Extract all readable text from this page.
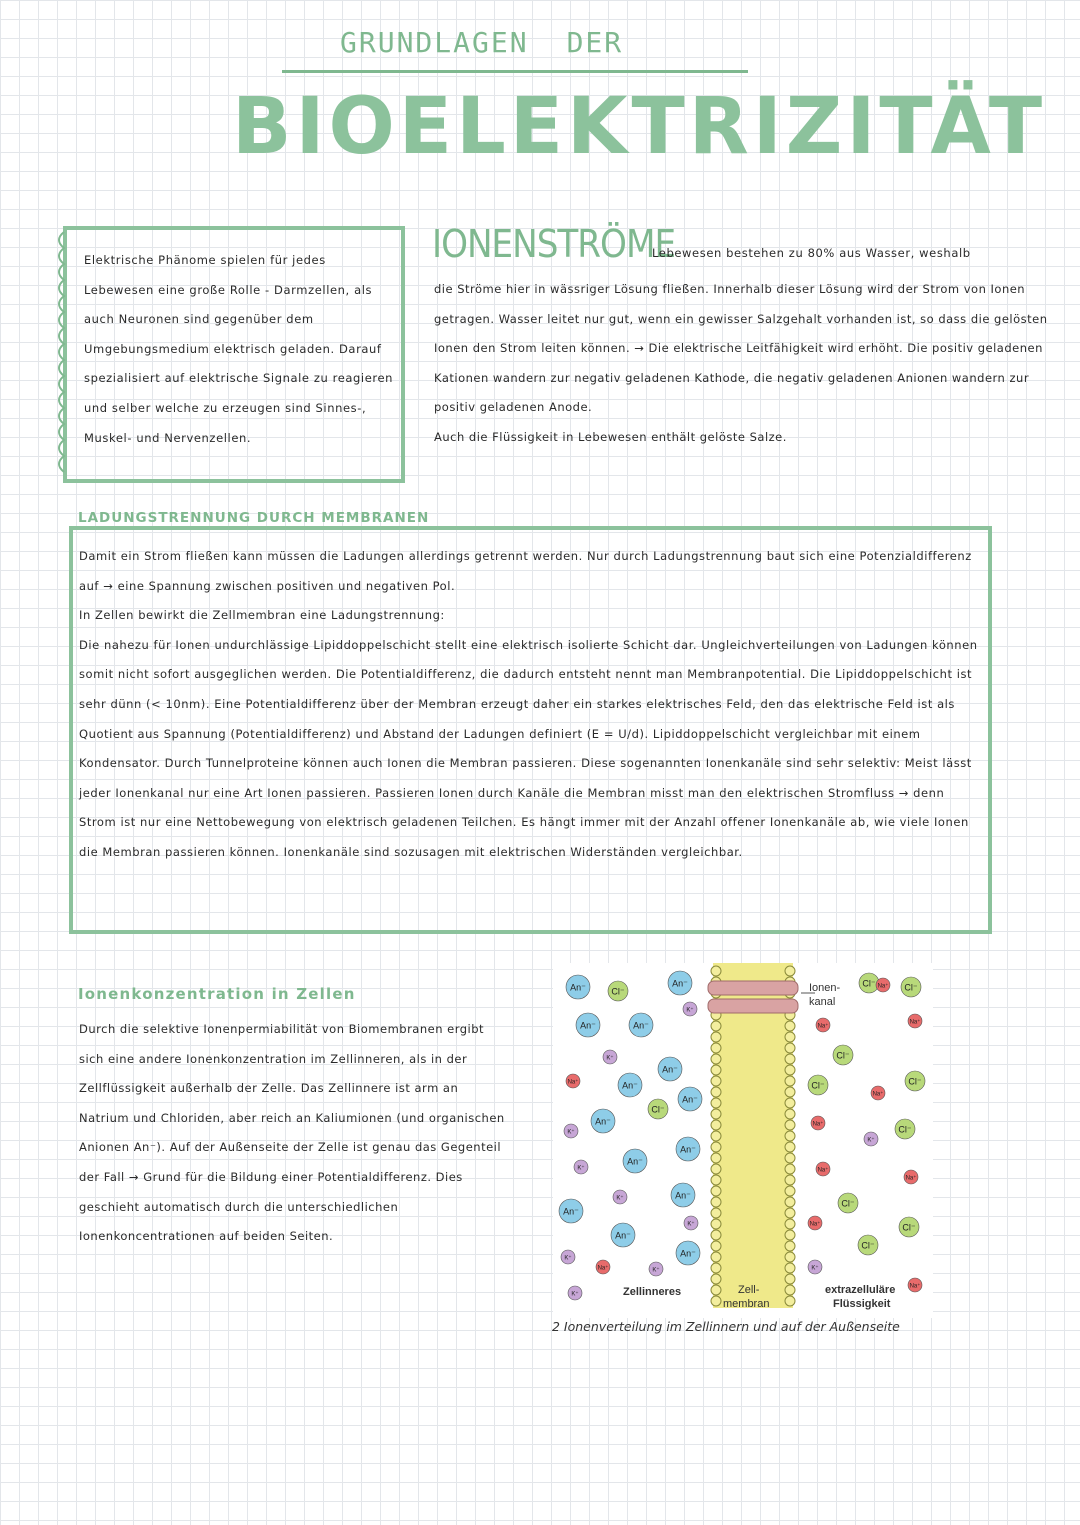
GRUNDLAGEN DER
BIOELEKTRIZITÄT
Elektrische Phänome spielen für jedes Lebewesen eine große Rolle - Darmzellen, als auch Neuronen sind gegenüber dem Umgebungsmedium elektrisch geladen. Darauf spezialisiert auf elektrische Signale zu reagieren und selber welche zu erzeugen sind Sinnes-, Muskel- und Nervenzellen.
IONENSTRÖME
Lebewesen bestehen zu 80% aus Wasser, weshalb

die Ströme hier in wässriger Lösung fließen. Innerhalb dieser Lösung wird der Strom von Ionen getragen. Wasser leitet nur gut, wenn ein gewisser Salzgehalt vorhanden ist, so dass die gelösten Ionen den Strom leiten können. → Die elektrische Leitfähigkeit wird erhöht. Die positiv geladenen Kationen wandern zur negativ geladenen Kathode, die negativ geladenen Anionen wandern zur positiv geladenen Anode.

Auch die Flüssigkeit in Lebewesen enthält gelöste Salze.

LADUNGSTRENNUNG DURCH MEMBRANEN

Damit ein Strom fließen kann müssen die Ladungen allerdings getrennt werden. Nur durch Ladungstrennung baut sich eine Potenzialdifferenz auf → eine Spannung zwischen positiven und negativen Pol.

In Zellen bewirkt die Zellmembran eine Ladungstrennung:

Die nahezu für Ionen undurchlässige Lipiddoppelschicht stellt eine elektrisch isolierte Schicht dar. Ungleichverteilungen von Ladungen können somit nicht sofort ausgeglichen werden. Die Potentialdifferenz, die dadurch entsteht nennt man Membranpotential. Die Lipiddoppelschicht ist sehr dünn (< 10nm). Eine Potentialdifferenz über der Membran erzeugt daher ein starkes elektrisches Feld, den das elektrische Feld ist als Quotient aus Spannung (Potentialdifferenz) und Abstand der Ladungen definiert (E = U/d). Lipiddoppelschicht vergleichbar mit einem Kondensator. Durch Tunnelproteine können auch Ionen die Membran passieren. Diese sogenannten Ionenkanäle sind sehr selektiv: Meist lässt jeder Ionenkanal nur eine Art Ionen passieren. Passieren Ionen durch Kanäle die Membran misst man den elektrischen Stromfluss → denn Strom ist nur eine Nettobewegung von elektrisch geladenen Teilchen. Es hängt immer mit der Anzahl offener Ionenkanäle ab, wie viele Ionen die Membran passieren können. Ionenkanäle sind sozusagen mit elektrischen Widerständen vergleichbar.

Ionenkonzentration in Zellen
Durch die selektive Ionenpermiabilität von Biomembranen ergibt sich eine andere Ionenkonzentration im Zellinneren, als in der Zellflüssigkeit außerhalb der Zelle. Das Zellinnere ist arm an Natrium und Chloriden, aber reich an Kaliumionen (und organischen Anionen An⁻). Auf der Außenseite der Zelle ist genau das Gegenteil der Fall → Grund für die Bildung einer Potentialdifferenz. Dies geschieht automatisch durch die unterschiedlichen Ionenkoncentrationen auf beiden Seiten.
Ionen-
kanal
An⁻	Cl⁻
An⁻
An⁻	An⁻
K⁺
K⁺
An⁻
Na⁺	An⁻
An⁻
Cl⁻
An⁻
K⁺
An⁻
An⁻
K⁺
K⁺	An⁻
An⁻
K⁺
An⁻
K⁺
Na⁺	K⁺
An⁻
K⁺
Cl⁻	Cl⁻
Na⁺
Na⁺
Na⁺
Cl⁻
Cl⁻	Cl⁻
Na⁺
Na⁺	Cl⁻
K⁺
Na⁺
Na⁺
Cl⁻
Cl⁻
Na⁺
Cl⁻
K⁺
Na⁺
Zellinneres	Zell-
membran
extrazelluläre
Flüssigkeit
2 Ionenverteilung im Zellinnern und auf der Außenseite
